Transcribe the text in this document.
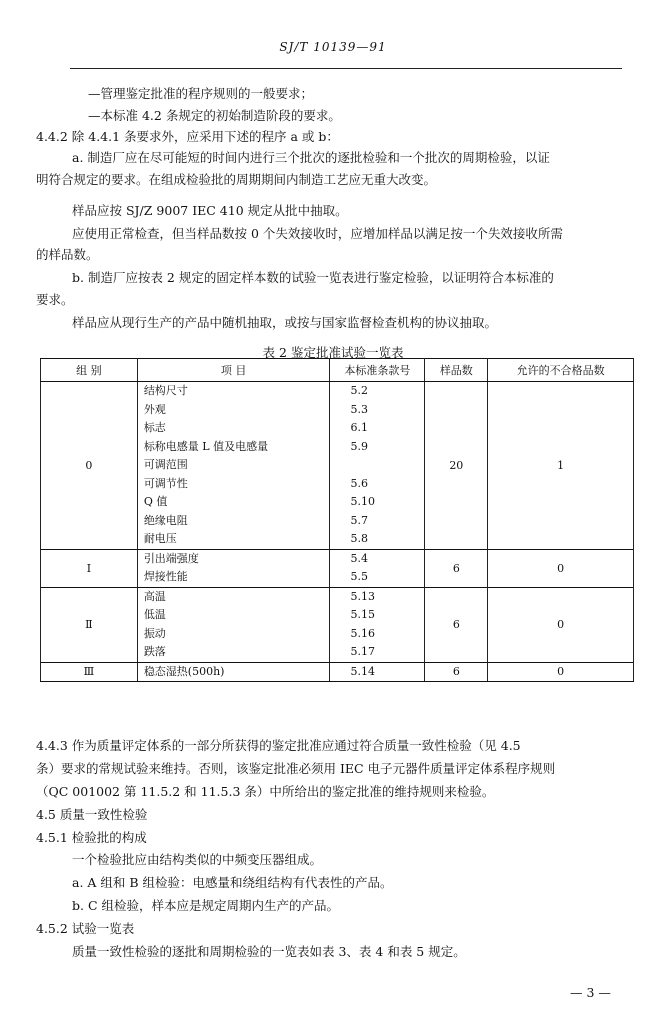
SJ/T 10139—91
—管理鉴定批准的程序规则的一般要求；
—本标准 4.2 条规定的初始制造阶段的要求。
4.4.2 除 4.4.1 条要求外，应采用下述的程序 a 或 b：
a. 制造厂应在尽可能短的时间内进行三个批次的逐批检验和一个批次的周期检验，以证
明符合规定的要求。在组成检验批的周期期间内制造工艺应无重大改变。
样品应按 SJ/Z 9007 IEC 410 规定从批中抽取。
应使用正常检查，但当样品数按 0 个失效接收时，应增加样品以满足按一个失效接收所需
的样品数。
b. 制造厂应按表 2 规定的固定样本数的试验一览表进行鉴定检验，以证明符合本标准的
要求。
样品应从现行生产的产品中随机抽取，或按与国家监督检查机构的协议抽取。
表 2 鉴定批准试验一览表
组 别	项 目	本标准条款号	样品数	允许的不合格品数
0	结构尺寸	5.2	20	1
	外观	5.3		
	标志	6.1		
	标称电感量 L 值及电感量	5.9		
	可调范围			
	可调节性	5.6		
	Q 值	5.10		
	绝缘电阻	5.7		
	耐电压	5.8		
Ⅰ	引出端强度	5.4	6	0
	焊接性能	5.5		
Ⅱ	高温	5.13	6	0
	低温	5.15		
	振动	5.16		
	跌落	5.17		
Ⅲ	稳态湿热(500h)	5.14	6	0
4.4.3 作为质量评定体系的一部分所获得的鉴定批准应通过符合质量一致性检验（见 4.5
条）要求的常规试验来维持。否则，该鉴定批准必须用 IEC 电子元器件质量评定体系程序规则
（QC 001002 第 11.5.2 和 11.5.3 条）中所给出的鉴定批准的维持规则来检验。
4.5 质量一致性检验
4.5.1 检验批的构成
一个检验批应由结构类似的中频变压器组成。
a. A 组和 B 组检验：电感量和绕组结构有代表性的产品。
b. C 组检验，样本应是规定周期内生产的产品。
4.5.2 试验一览表
质量一致性检验的逐批和周期检验的一览表如表 3、表 4 和表 5 规定。
— 3 —
